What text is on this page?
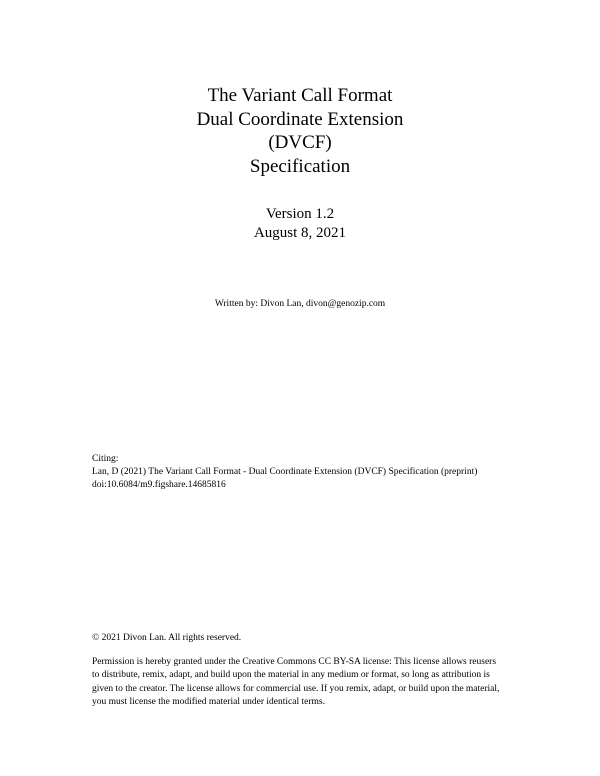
The Variant Call Format
Dual Coordinate Extension
(DVCF)
Specification
Version 1.2
August 8, 2021
Written by: Divon Lan, divon@genozip.com
Citing:
Lan, D (2021) The Variant Call Format - Dual Coordinate Extension (DVCF) Specification (preprint)
doi:10.6084/m9.figshare.14685816
© 2021 Divon Lan. All rights reserved.
Permission is hereby granted under the Creative Commons CC BY-SA license: This license allows reusers
to distribute, remix, adapt, and build upon the material in any medium or format, so long as attribution is
given to the creator. The license allows for commercial use. If you remix, adapt, or build upon the material,
you must license the modified material under identical terms.
